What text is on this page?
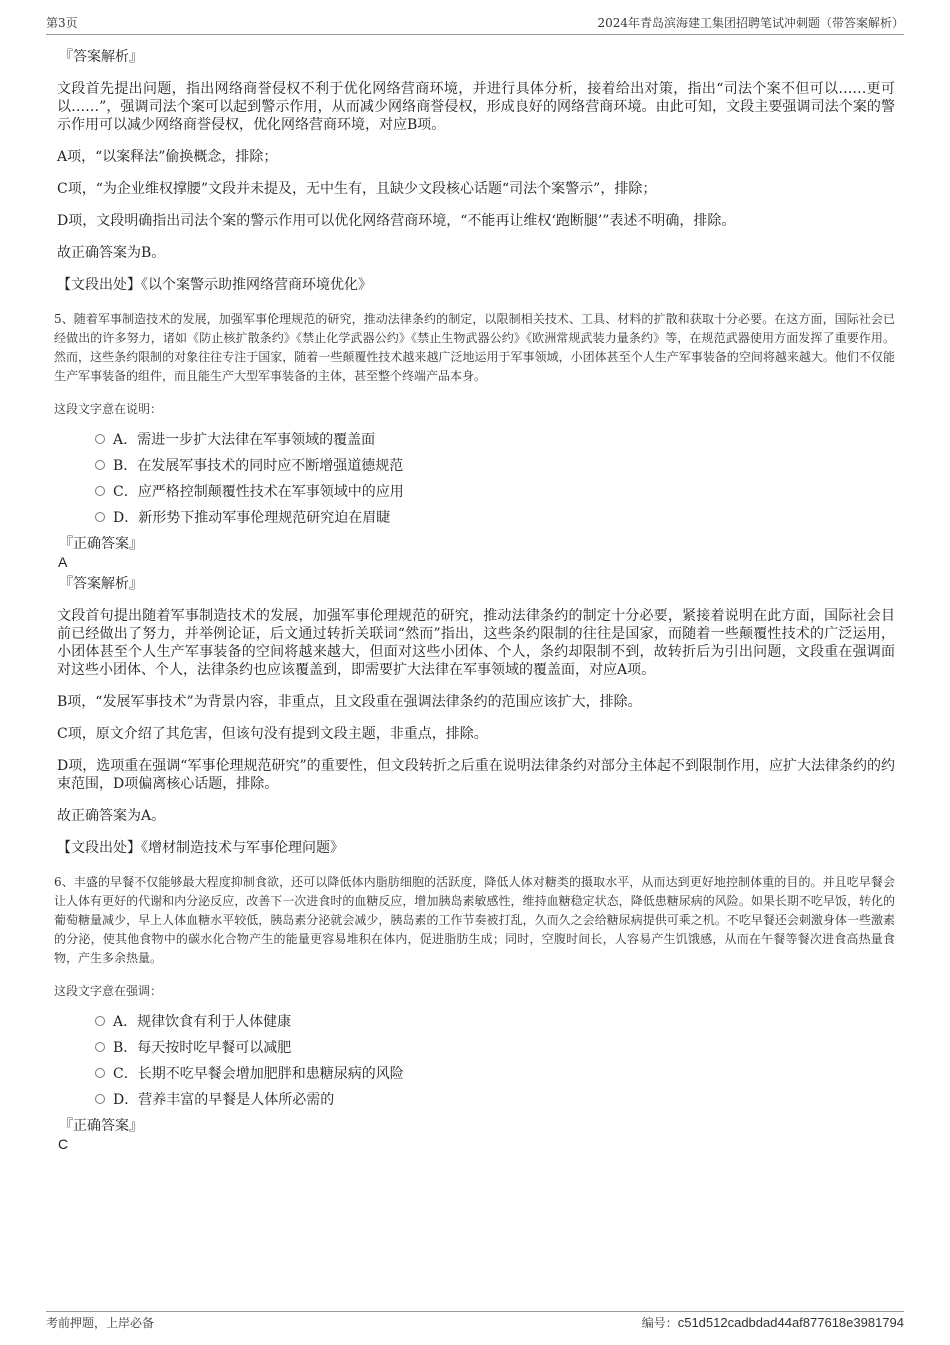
第3页	2024年青岛滨海建工集团招聘笔试冲刺题（带答案解析）
『答案解析』
文段首先提出问题，指出网络商誉侵权不利于优化网络营商环境，并进行具体分析，接着给出对策，指出“司法个案不但可以……更可以……”，强调司法个案可以起到警示作用，从而减少网络商誉侵权，形成良好的网络营商环境。由此可知，文段主要强调司法个案的警示作用可以减少网络商誉侵权，优化网络营商环境，对应B项。
A项，“以案释法”偷换概念，排除；
C项，“为企业维权撑腰”文段并未提及，无中生有，且缺少文段核心话题“司法个案警示”，排除；
D项，文段明确指出司法个案的警示作用可以优化网络营商环境，“不能再让维权‘跑断腿’”表述不明确，排除。
故正确答案为B。
【文段出处】《以个案警示助推网络营商环境优化》
5、随着军事制造技术的发展，加强军事伦理规范的研究，推动法律条约的制定，以限制相关技术、工具、材料的扩散和获取十分必要。在这方面，国际社会已经做出的许多努力，诸如《防止核扩散条约》《禁止化学武器公约》《禁止生物武器公约》《欧洲常规武装力量条约》等，在规范武器使用方面发挥了重要作用。然而，这些条约限制的对象往往专注于国家，随着一些颠覆性技术越来越广泛地运用于军事领域，小团体甚至个人生产军事装备的空间将越来越大。他们不仅能生产军事装备的组件，而且能生产大型军事装备的主体，甚至整个终端产品本身。
这段文字意在说明：
A．需进一步扩大法律在军事领域的覆盖面
B．在发展军事技术的同时应不断增强道德规范
C．应严格控制颠覆性技术在军事领域中的应用
D．新形势下推动军事伦理规范研究迫在眉睫
『正确答案』
A
『答案解析』
文段首句提出随着军事制造技术的发展，加强军事伦理规范的研究，推动法律条约的制定十分必要，紧接着说明在此方面，国际社会目前已经做出了努力，并举例论证，后文通过转折关联词“然而”指出，这些条约限制的往往是国家，而随着一些颠覆性技术的广泛运用，小团体甚至个人生产军事装备的空间将越来越大，但面对这些小团体、个人，条约却限制不到，故转折后为引出问题，文段重在强调面对这些小团体、个人，法律条约也应该覆盖到，即需要扩大法律在军事领域的覆盖面，对应A项。
B项，“发展军事技术”为背景内容，非重点，且文段重在强调法律条约的范围应该扩大，排除。
C项，原文介绍了其危害，但该句没有提到文段主题，非重点，排除。
D项，选项重在强调“军事伦理规范研究”的重要性，但文段转折之后重在说明法律条约对部分主体起不到限制作用，应扩大法律条约的约束范围，D项偏离核心话题，排除。
故正确答案为A。
【文段出处】《增材制造技术与军事伦理问题》
6、丰盛的早餐不仅能够最大程度抑制食欲，还可以降低体内脂肪细胞的活跃度，降低人体对糖类的摄取水平，从而达到更好地控制体重的目的。并且吃早餐会让人体有更好的代谢和内分泌反应，改善下一次进食时的血糖反应，增加胰岛素敏感性，维持血糖稳定状态，降低患糖尿病的风险。如果长期不吃早饭，转化的葡萄糖量减少，早上人体血糖水平较低，胰岛素分泌就会减少，胰岛素的工作节奏被打乱，久而久之会给糖尿病提供可乘之机。不吃早餐还会刺激身体一些激素的分泌，使其他食物中的碳水化合物产生的能量更容易堆积在体内，促进脂肪生成；同时，空腹时间长，人容易产生饥饿感，从而在午餐等餐次进食高热量食物，产生多余热量。
这段文字意在强调：
A．规律饮食有利于人体健康
B．每天按时吃早餐可以减肥
C．长期不吃早餐会增加肥胖和患糖尿病的风险
D．营养丰富的早餐是人体所必需的
『正确答案』
C
考前押题，上岸必备	编号：c51d512cadbdad44af877618e3981794
